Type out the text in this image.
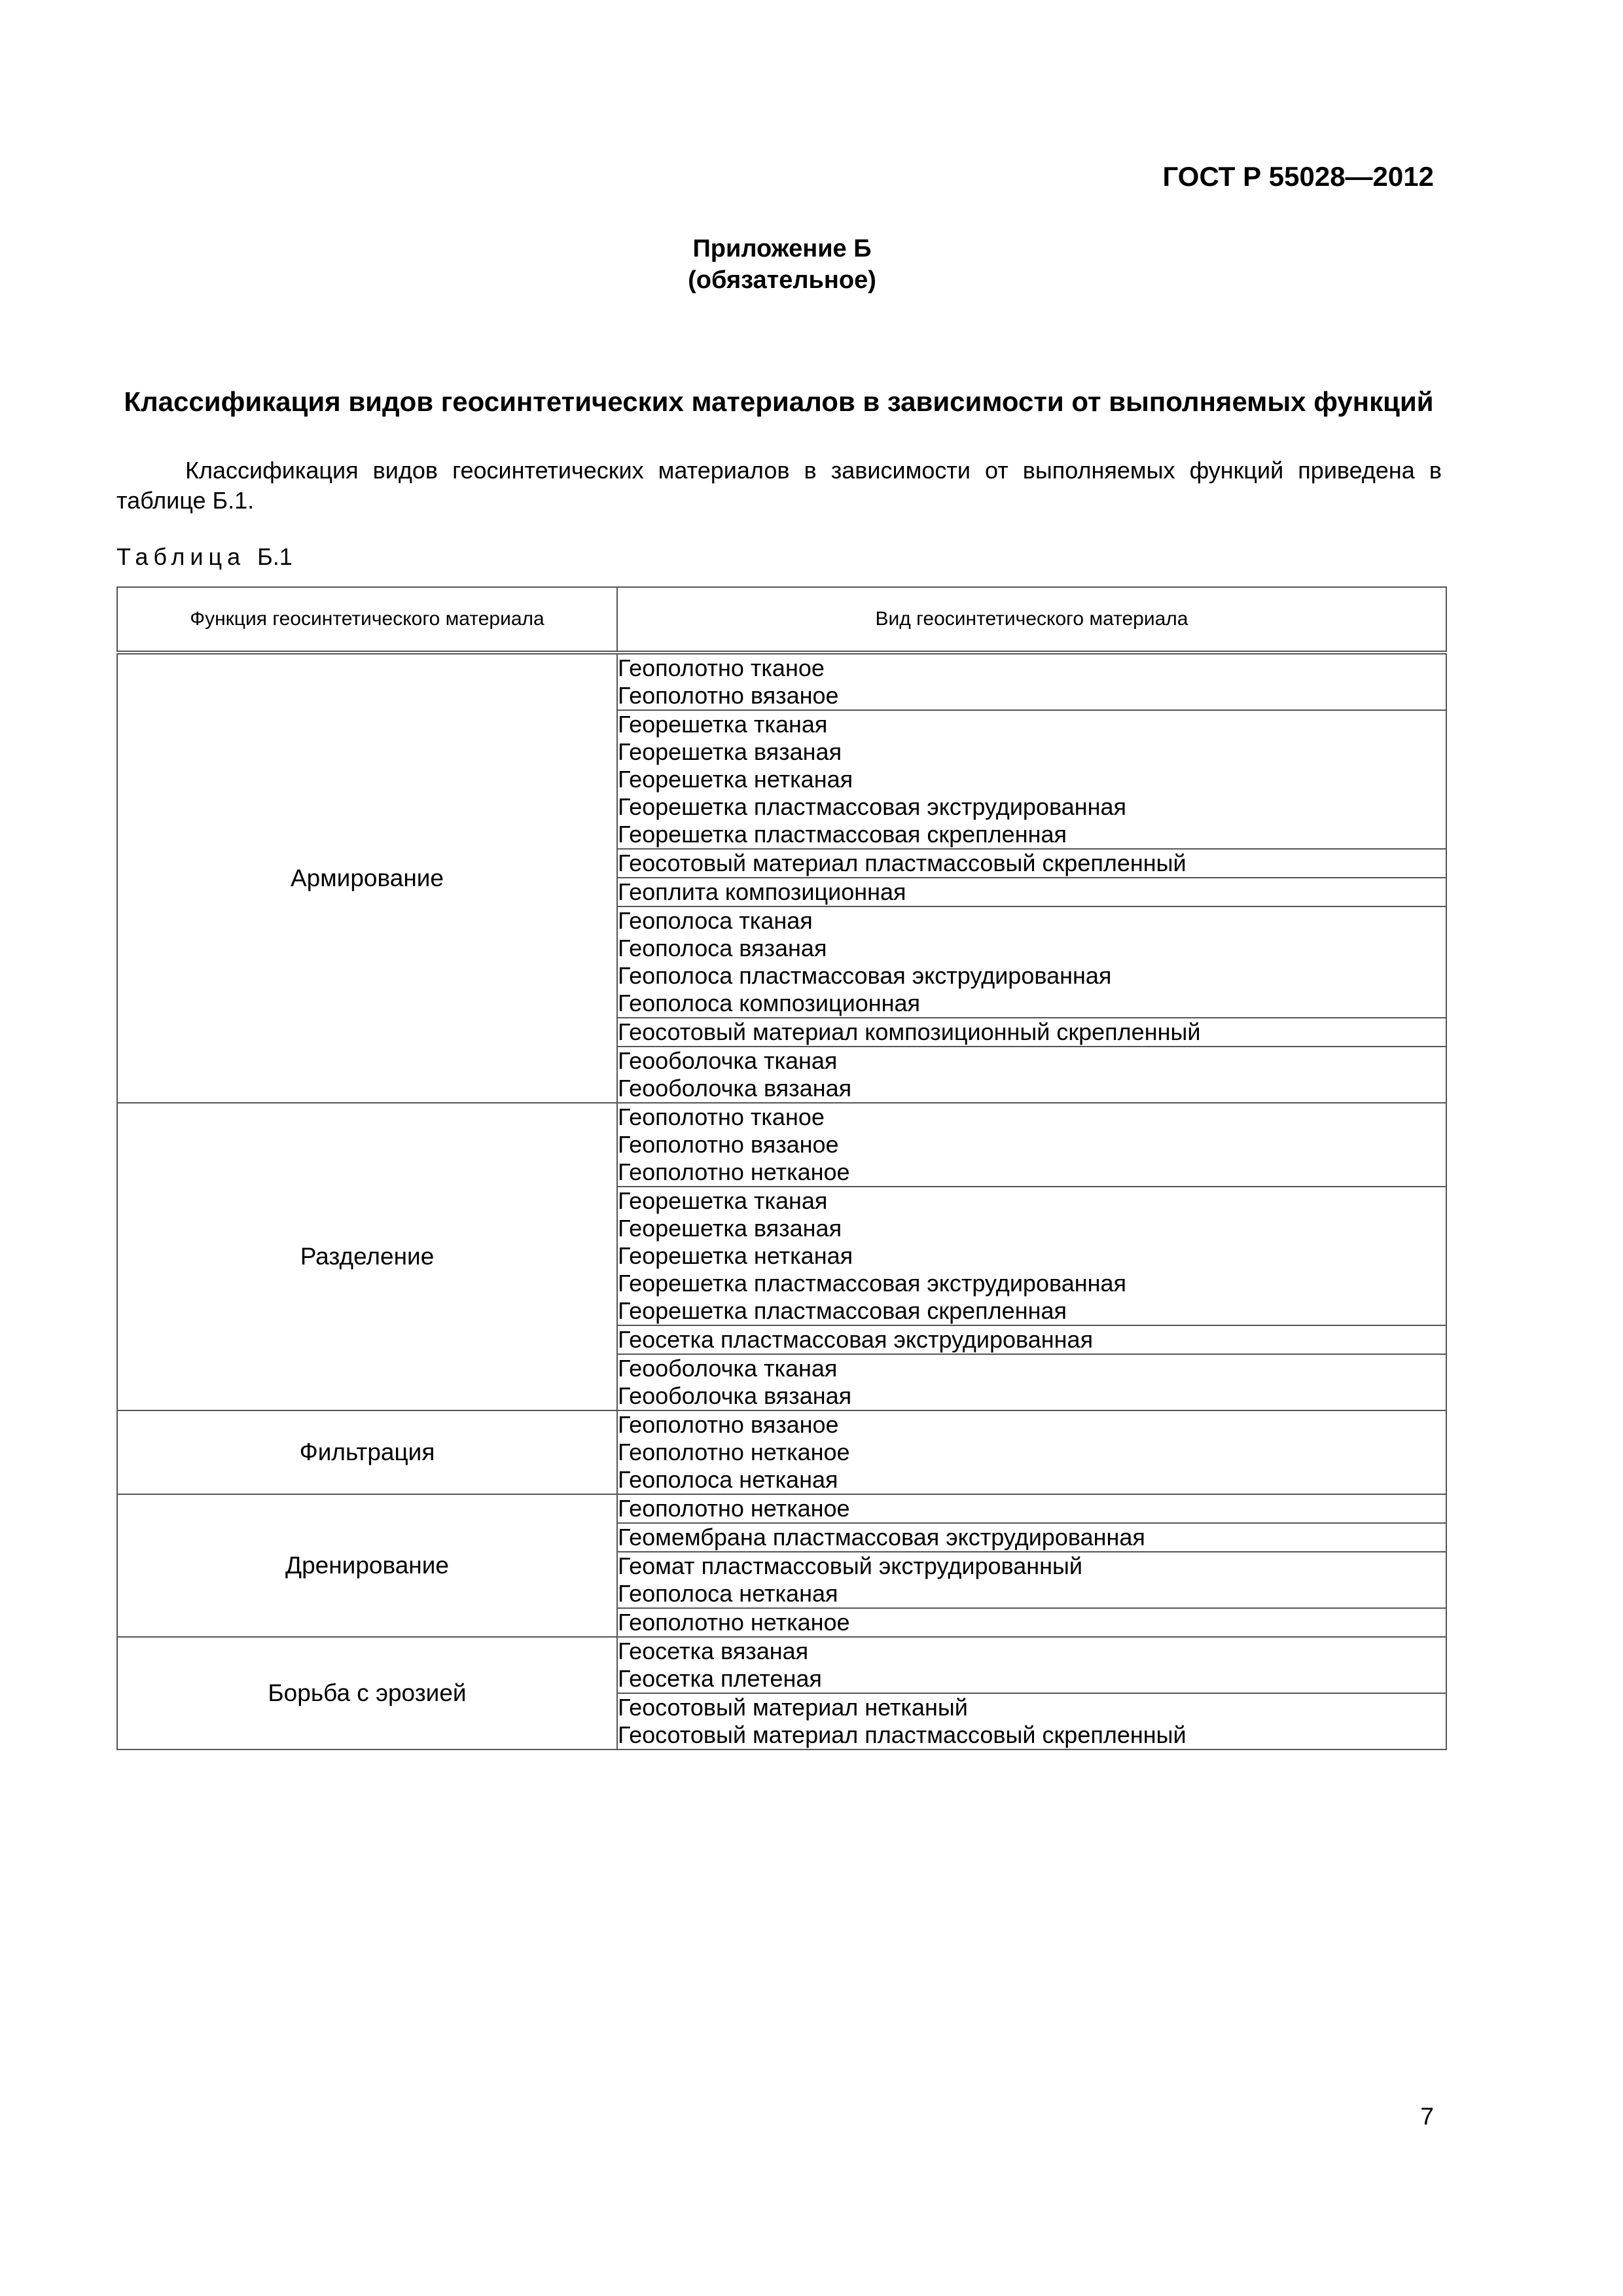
ГОСТ Р 55028—2012

Приложение Б
(обязательное)
Классификация видов геосинтетических материалов в зависимости от выполняемых функций

Классификация видов геосинтетических материалов в зависимости от выполняемых функций приведена в таблице Б.1.

Таблица Б.1

Функция геосинтетического материала	Вид геосинтетического материала
Армирование	Геополотно тканое
Геополотно вязаное

	Георешетка тканая
Георешетка вязаная
Георешетка нетканая
Георешетка пластмассовая экструдированная
Георешетка пластмассовая скрепленная

	Геосотовый материал пластмассовый скрепленный

	Геоплита композиционная

	Геополоса тканая
Геополоса вязаная
Геополоса пластмассовая экструдированная
Геополоса композиционная

	Геосотовый материал композиционный скрепленный

	Геооболочка тканая
Геооболочка вязаная

Разделение	Геополотно тканое
Геополотно вязаное
Геополотно нетканое

	Георешетка тканая
Георешетка вязаная
Георешетка нетканая
Георешетка пластмассовая экструдированная
Георешетка пластмассовая скрепленная

	Геосетка пластмассовая экструдированная

	Геооболочка тканая
Геооболочка вязаная

Фильтрация	Геополотно вязаное
Геополотно нетканое
Геополоса нетканая

Дренирование	Геополотно нетканое

	Геомембрана пластмассовая экструдированная

	Геомат пластмассовый экструдированный
Геополоса нетканая

	Геополотно нетканое

Борьба с эрозией	Геосетка вязаная
Геосетка плетеная

	Геосотовый материал нетканый
Геосотовый материал пластмассовый скрепленный

7
